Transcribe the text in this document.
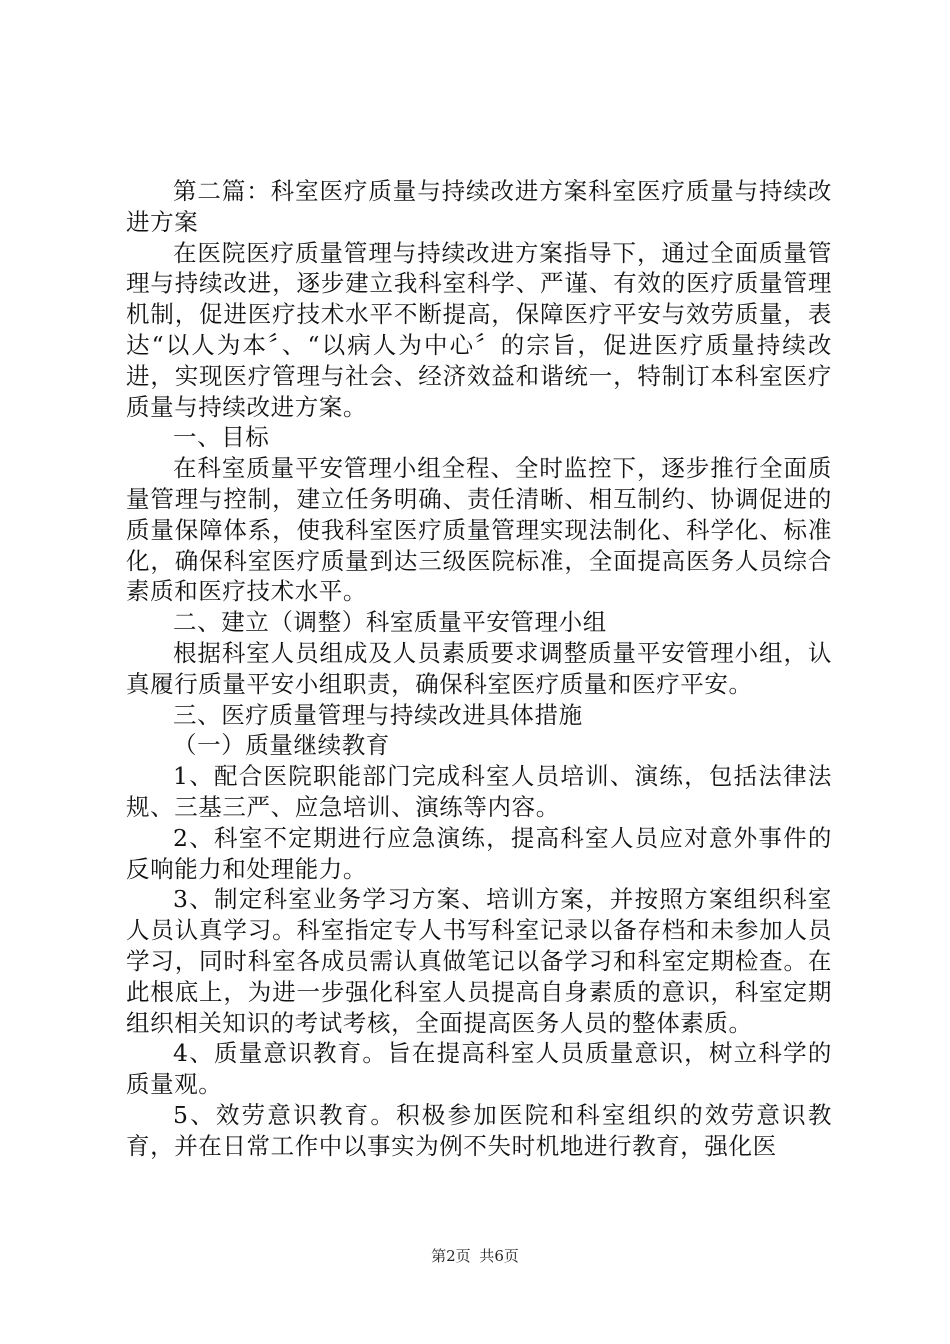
第二篇：科室医疗质量与持续改进方案科室医疗质量与持续改进方案

在医院医疗质量管理与持续改进方案指导下，通过全面质量管理与持续改进，逐步建立我科室科学、严谨、有效的医疗质量管理机制，促进医疗技术水平不断提高，保障医疗平安与效劳质量，表达“以人为本〞、“以病人为中心〞的宗旨，促进医疗质量持续改进，实现医疗管理与社会、经济效益和谐统一，特制订本科室医疗质量与持续改进方案。

一、目标

在科室质量平安管理小组全程、全时监控下，逐步推行全面质量管理与控制，建立任务明确、责任清晰、相互制约、协调促进的质量保障体系，使我科室医疗质量管理实现法制化、科学化、标准化，确保科室医疗质量到达三级医院标准，全面提高医务人员综合素质和医疗技术水平。

二、建立（调整）科室质量平安管理小组

根据科室人员组成及人员素质要求调整质量平安管理小组，认真履行质量平安小组职责，确保科室医疗质量和医疗平安。

三、医疗质量管理与持续改进具体措施

（一）质量继续教育

1、配合医院职能部门完成科室人员培训、演练，包括法律法规、三基三严、应急培训、演练等内容。

2、科室不定期进行应急演练，提高科室人员应对意外事件的反响能力和处理能力。

3、制定科室业务学习方案、培训方案，并按照方案组织科室人员认真学习。科室指定专人书写科室记录以备存档和未参加人员学习，同时科室各成员需认真做笔记以备学习和科室定期检查。在此根底上，为进一步强化科室人员提高自身素质的意识，科室定期组织相关知识的考试考核，全面提高医务人员的整体素质。

4、质量意识教育。旨在提高科室人员质量意识，树立科学的质量观。

5、效劳意识教育。积极参加医院和科室组织的效劳意识教育，并在日常工作中以事实为例不失时机地进行教育，强化医

第2页 共6页
